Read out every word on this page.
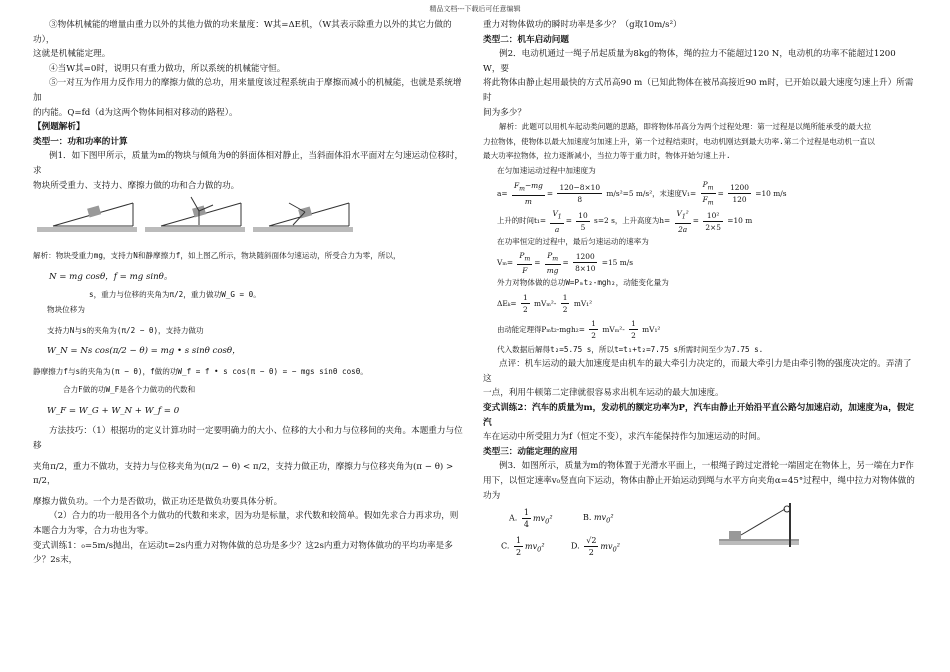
精品文档---下载后可任意编辑

③物体机械能的增量由重力以外的其他力做的功来量度：W其=ΔE机，（W其表示除重力以外的其它力做的功），

这就是机械能定理。

④当W其=0时，说明只有重力做功，所以系统的机械能守恒。

⑤一对互为作用力反作用力的摩擦力做的总功，用来量度该过程系统由于摩擦而减小的机械能，也就是系统增加

的内能。Q=fd（d为这两个物体间相对移动的路程）。

【例题解析】

类型一：功和功率的计算

例1．如下图甲所示，质量为m的物块与倾角为θ的斜面体相对静止，当斜面体沿水平面对左匀速运动位移时，求

物块所受重力、支持力、摩擦力做的功和合力做的功。

解析：物块受重力mg，支持力N和静摩擦力f，如上图乙所示，物块随斜面体匀速运动，所受合力为零，所以，

N = mg cosθ，f = mg sinθ。

s，重力与位移的夹角为π/2，重力做功W_G = 0。

物块位移为

支持力N与s的夹角为(π/2 − θ)，支持力做功

W_N = Ns cos(π/2 − θ) = mg • s sinθ cosθ，

静摩擦力f与s的夹角为(π − θ)，f做的功W_f = f • s cos(π − θ) = − mgs sinθ cosθ。

合力F做的功W_F是各个力做功的代数和

W_F = W_G + W_N + W_f = 0

方法技巧：（1）根据功的定义计算功时一定要明确力的大小、位移的大小和力与位移间的夹角。本题重力与位移

夹角π/2，重力不做功，支持力与位移夹角为(π/2 − θ) < π/2，支持力做正功，摩擦力与位移夹角为(π − θ) > π/2，

摩擦力做负功。一个力是否做功，做正功还是做负功要具体分析。

（2）合力的功一般用各个力做功的代数和来求，因为功是标量，求代数和较简单。假如先求合力再求功，则

本题合力为零，合力功也为零。

变式训练1：₀=5m/s抛出，在运动t=2s内重力对物体做的总功是多少？这2s内重力对物体做功的平均功率是多少？2s末，

重力对物体做功的瞬时功率是多少？（g取10m/s²）

类型二：机车启动问题

例2．电动机通过一绳子吊起质量为8kg的物体，绳的拉力不能超过120 N，电动机的功率不能超过1200 W，要

将此物体由静止起用最快的方式吊高90 m（已知此物体在被吊高接近90 m时，已开始以最大速度匀速上升）所需时

间为多少？

解析：此题可以用机车起动类问题的思路，即将物体吊高分为两个过程处理：第一过程是以绳所能承受的最大拉

力拉物体，使物体以最大加速度匀加速上升，第一个过程结束时，电动机刚达到最大功率.第二个过程是电动机一直以

最大功率拉物体，拉力逐渐减小，当拉力等于重力时，物体开始匀速上升.

在匀加速运动过程中加速度为

$a= \frac{F_m-mg}{m} = \frac{120-8\times 10}{8} m/s^2=5$ m/s²，末速度$V_1= \frac{P_m}{F_m} = \frac{1200}{120} =10$ m/s

上升的时间$t_1= \frac{V_1}{a} = \frac{10}{5} s=2$ s，上升高度为$h= \frac{V_1^2}{2a} = \frac{\text{10²}}{2\times 5} =10$ m

在功率恒定的过程中，最后匀速运动的速率为

$V_m= \frac{P_m}{F} = \frac{P_m}{mg} = \frac{1200}{8\times 10} =15$ m/s

外力对物体做的总功W=Pₘt₂-mgh₂，动能变化量为

$\Delta E_k= \frac{1}{2} mV_m^2- \frac{1}{2} mV_1^2$

由动能定理得$P_mt_2-mgh_2= \frac{1}{2} mV_m^2- \frac{1}{2} mV_1^2$

代入数据后解得t₂=5.75 s，所以t=t₁+t₂=7.75 s所需时间至少为7.75 s.

点评：机车运动的最大加速度是由机车的最大牵引力决定的，而最大牵引力是由牵引物的强度决定的。弄清了这

一点，利用牛顿第二定律就很容易求出机车运动的最大加速度。

变式训练2：汽车的质量为m，发动机的额定功率为P，汽车由静止开始沿平直公路匀加速启动，加速度为a，假定汽

车在运动中所受阻力为f（恒定不变），求汽车能保持作匀加速运动的时间。

类型三：动能定理的应用

例3．如图所示，质量为m的物体置于光滑水平面上，一根绳子跨过定滑轮一端固定在物体上，另一端在力F作

用下，以恒定速率v₀竖直向下运动，物体由静止开始运动到绳与水平方向夹角α=45°过程中，绳中拉力对物体做的功为

A. $\frac{1}{4} mv_0^2$	B. $mv_0^2$
C. $\frac{1}{2} mv_0^2$	D. $\frac{√2}{2} mv_0^2$
